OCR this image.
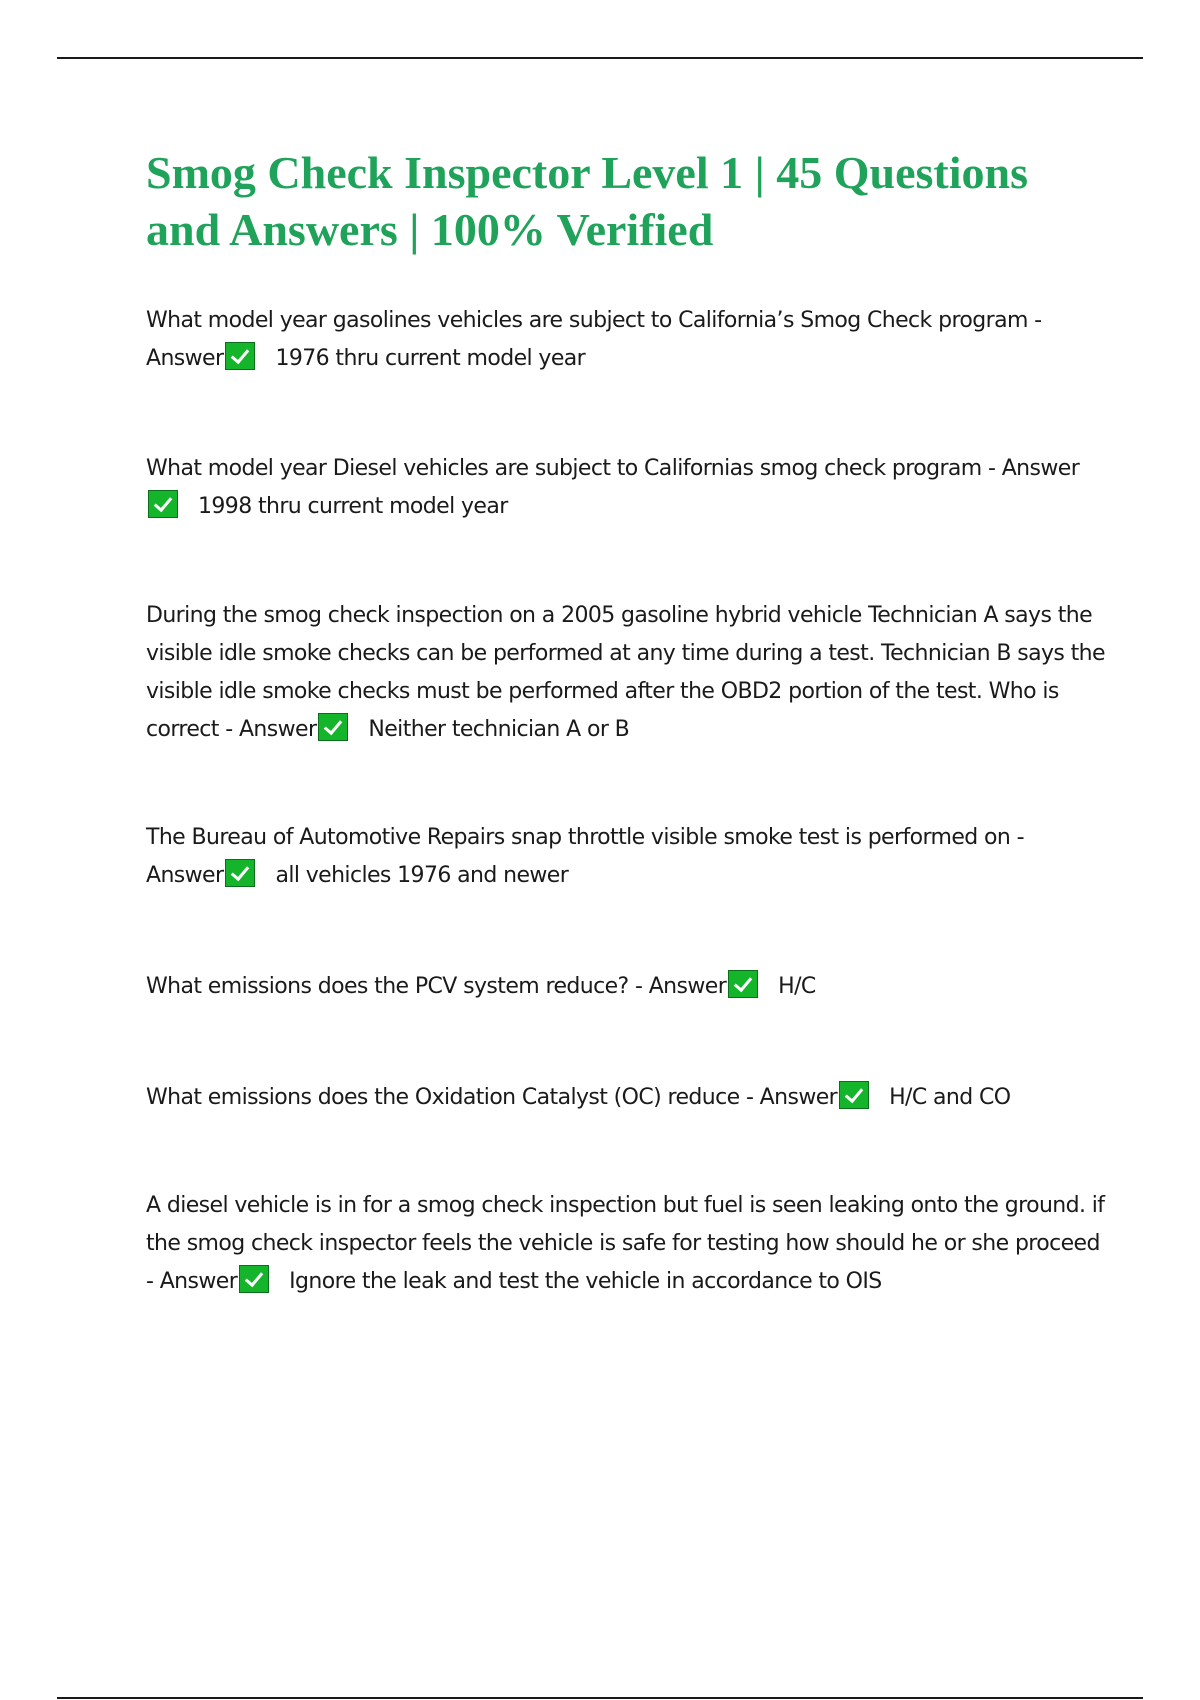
Smog Check Inspector Level 1 | 45 Questions and Answers | 100% Verified

What model year gasolines vehicles are subject to California’s Smog Check program - Answer 1976 thru current model year

What model year Diesel vehicles are subject to Californias smog check program - Answer1998 thru current model year

During the smog check inspection on a 2005 gasoline hybrid vehicle Technician A says the visible idle smoke checks can be performed at any time during a test. Technician B says the visible idle smoke checks must be performed after the OBD2 portion of the test. Who is correct - Answer Neither technician A or B

The Bureau of Automotive Repairs snap throttle visible smoke test is performed on - Answer all vehicles 1976 and newer

What emissions does the PCV system reduce? - Answer H/C

What emissions does the Oxidation Catalyst (OC) reduce - Answer H/C and CO

A diesel vehicle is in for a smog check inspection but fuel is seen leaking onto the ground. if the smog check inspector feels the vehicle is safe for testing how should he or she proceed - Answer Ignore the leak and test the vehicle in accordance to OIS
